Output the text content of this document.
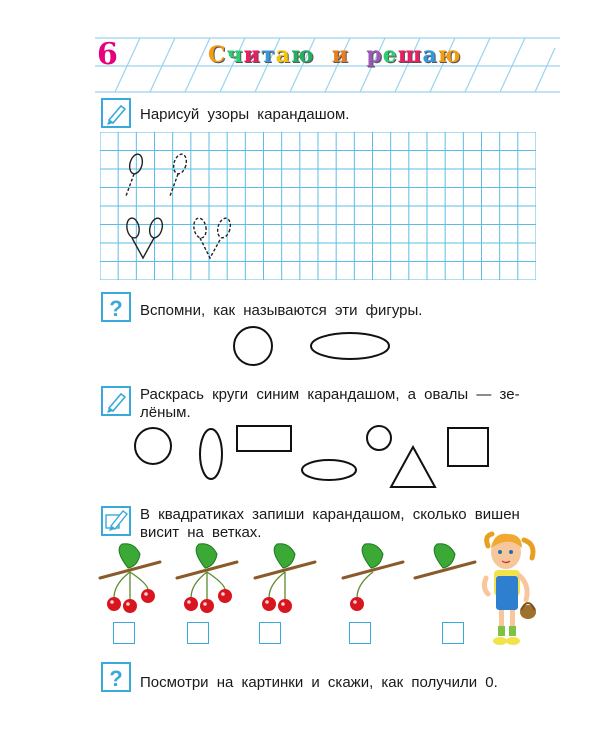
6	Считаю и решаю
Нарисуй узоры карандашом.
? Вспомни, как называются эти фигуры.
Раскрась круги синим карандашом, а овалы — зе-
лёным.
В квадратиках запиши карандашом, сколько вишен
висит на ветках.
? Посмотри на картинки и скажи, как получили 0.
